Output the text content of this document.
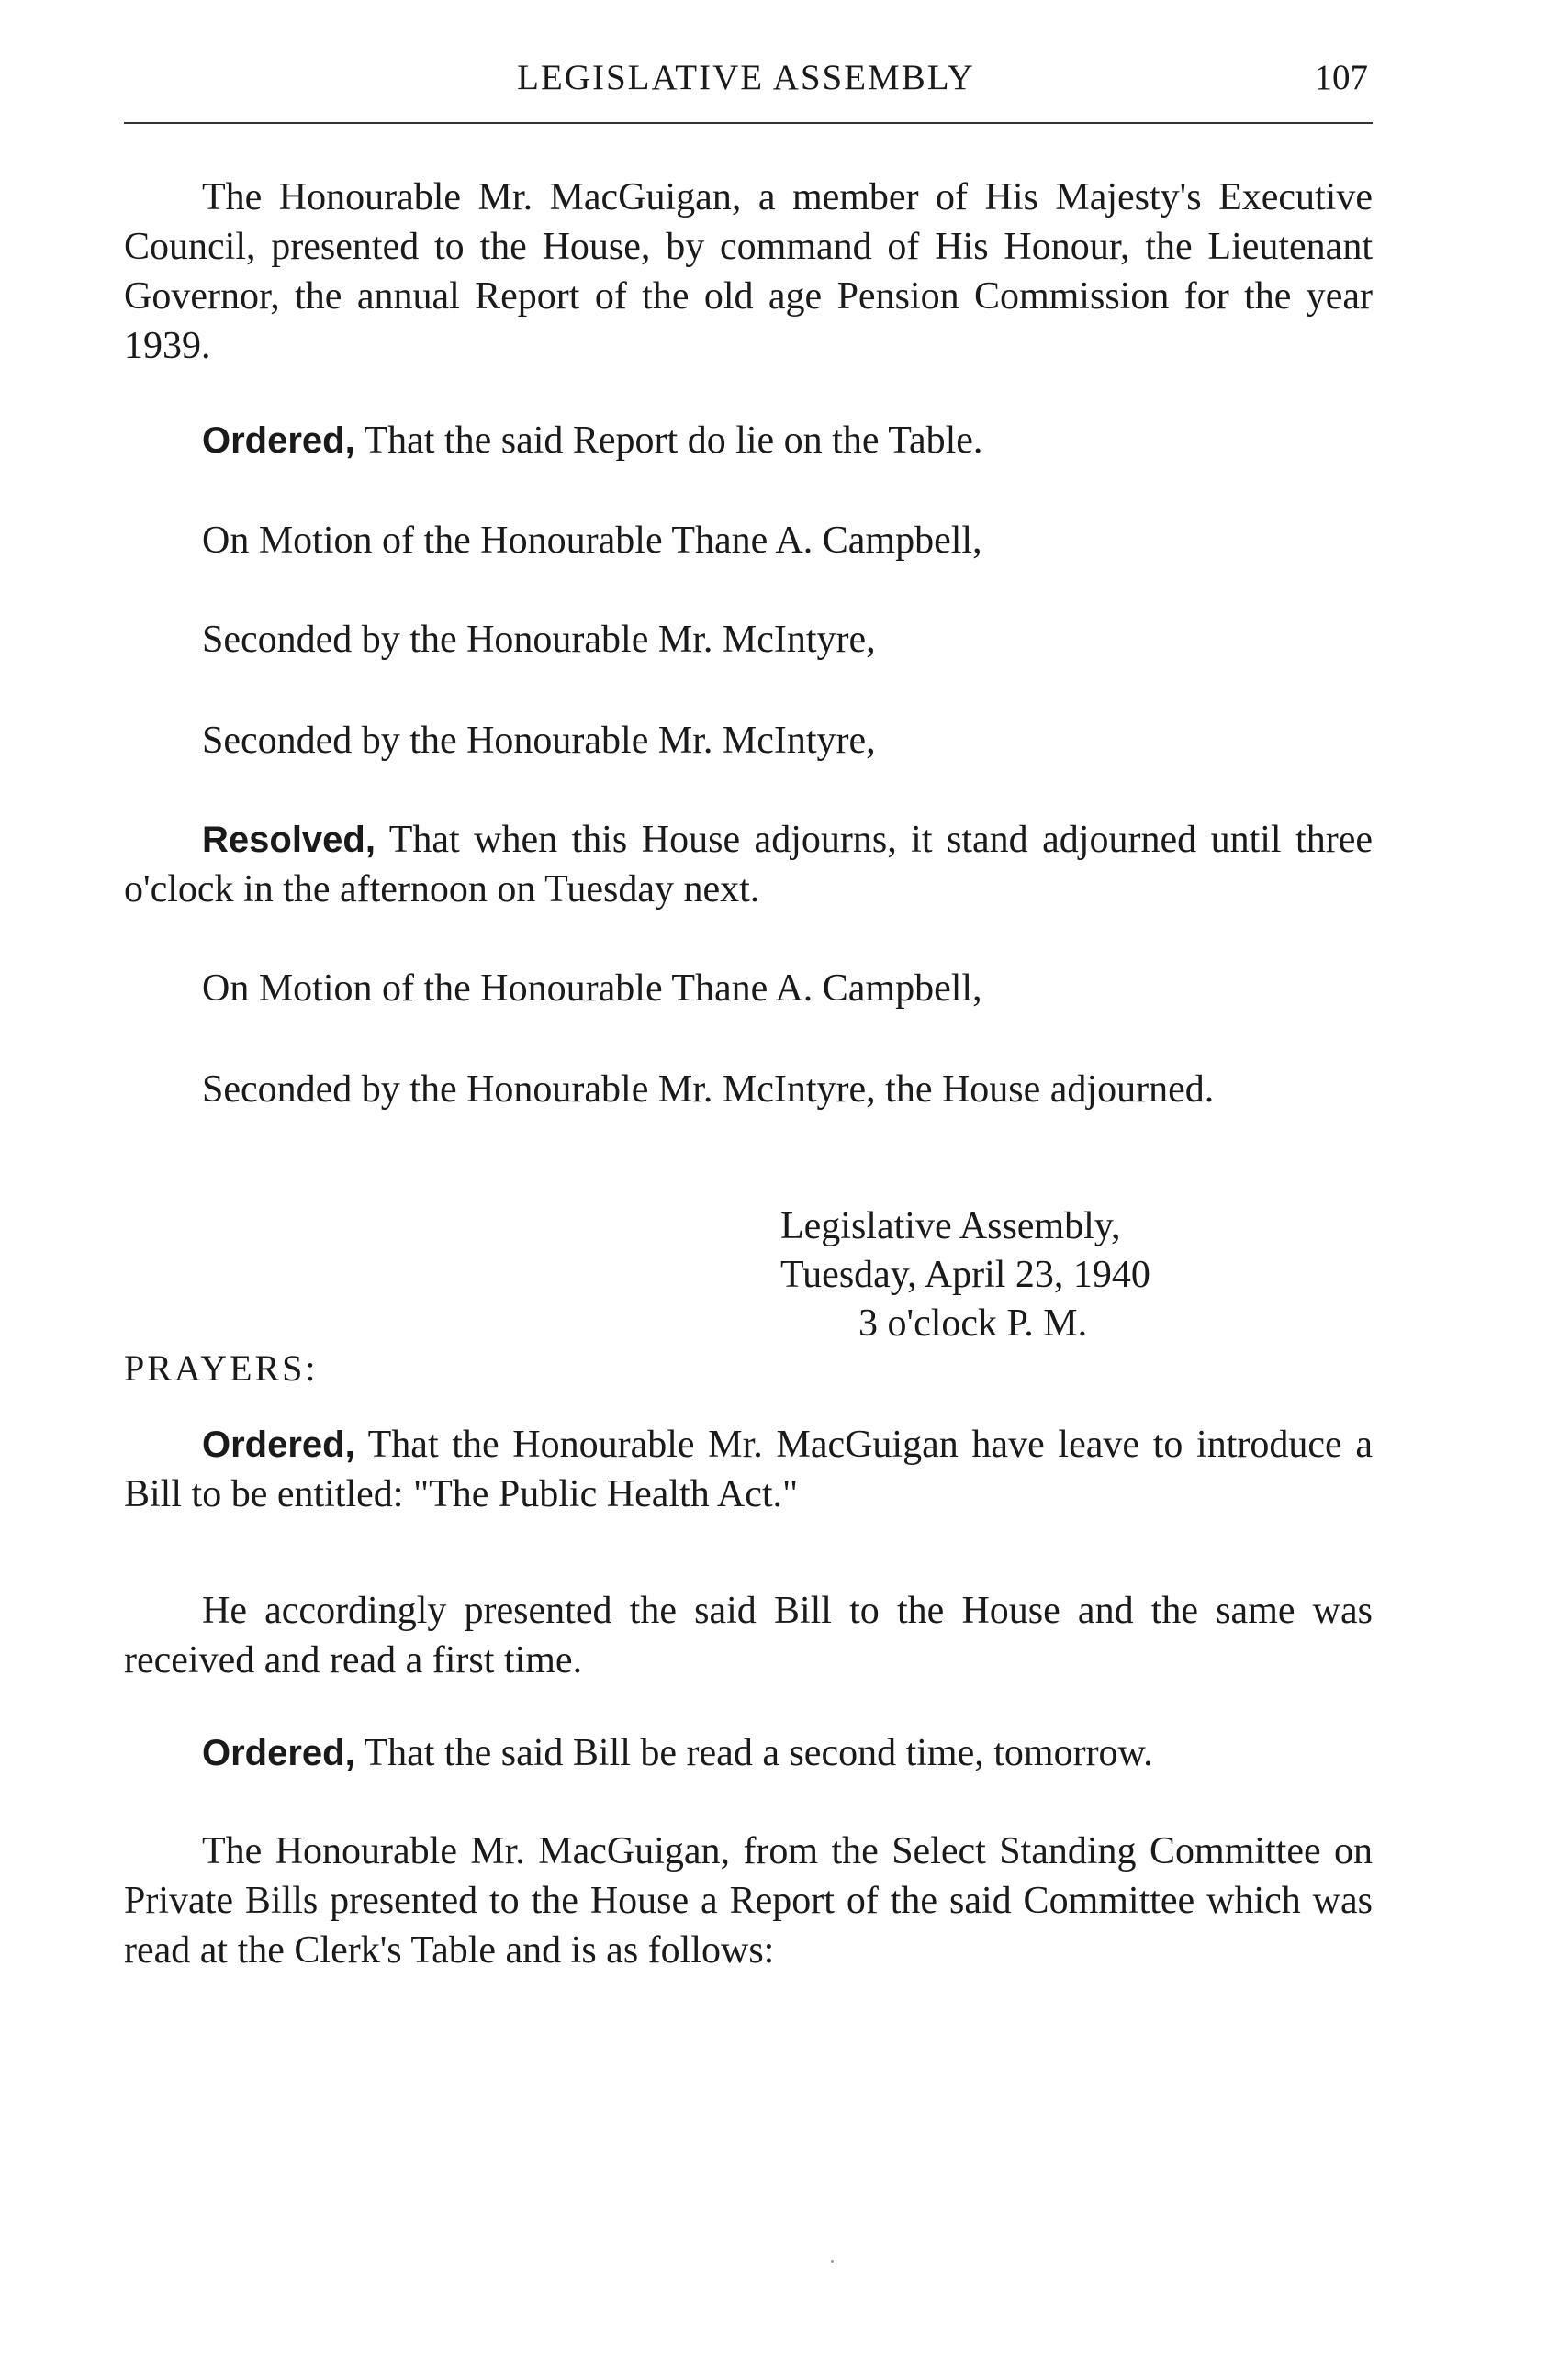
LEGISLATIVE ASSEMBLY	107
The Honourable Mr. MacGuigan, a member of His Majesty's Executive Council, presented to the House, by command of His Honour, the Lieutenant Governor, the annual Report of the old age Pension Commission for the year 1939.
Ordered, That the said Report do lie on the Table.
On Motion of the Honourable Thane A. Campbell,
Seconded by the Honourable Mr. McIntyre,
Seconded by the Honourable Mr. McIntyre,
Resolved, That when this House adjourns, it stand adjourned until three o'clock in the afternoon on Tuesday next.
On Motion of the Honourable Thane A. Campbell,
Seconded by the Honourable Mr. McIntyre, the House adjourned.
Legislative Assembly,
Tuesday, April 23, 1940
3 o'clock P. M.
PRAYERS:
Ordered, That the Honourable Mr. MacGuigan have leave to introduce a Bill to be entitled: "The Public Health Act."
He accordingly presented the said Bill to the House and the same was received and read a first time.
Ordered, That the said Bill be read a second time, tomorrow.
The Honourable Mr. MacGuigan, from the Select Standing Committee on Private Bills presented to the House a Report of the said Committee which was read at the Clerk's Table and is as follows:
